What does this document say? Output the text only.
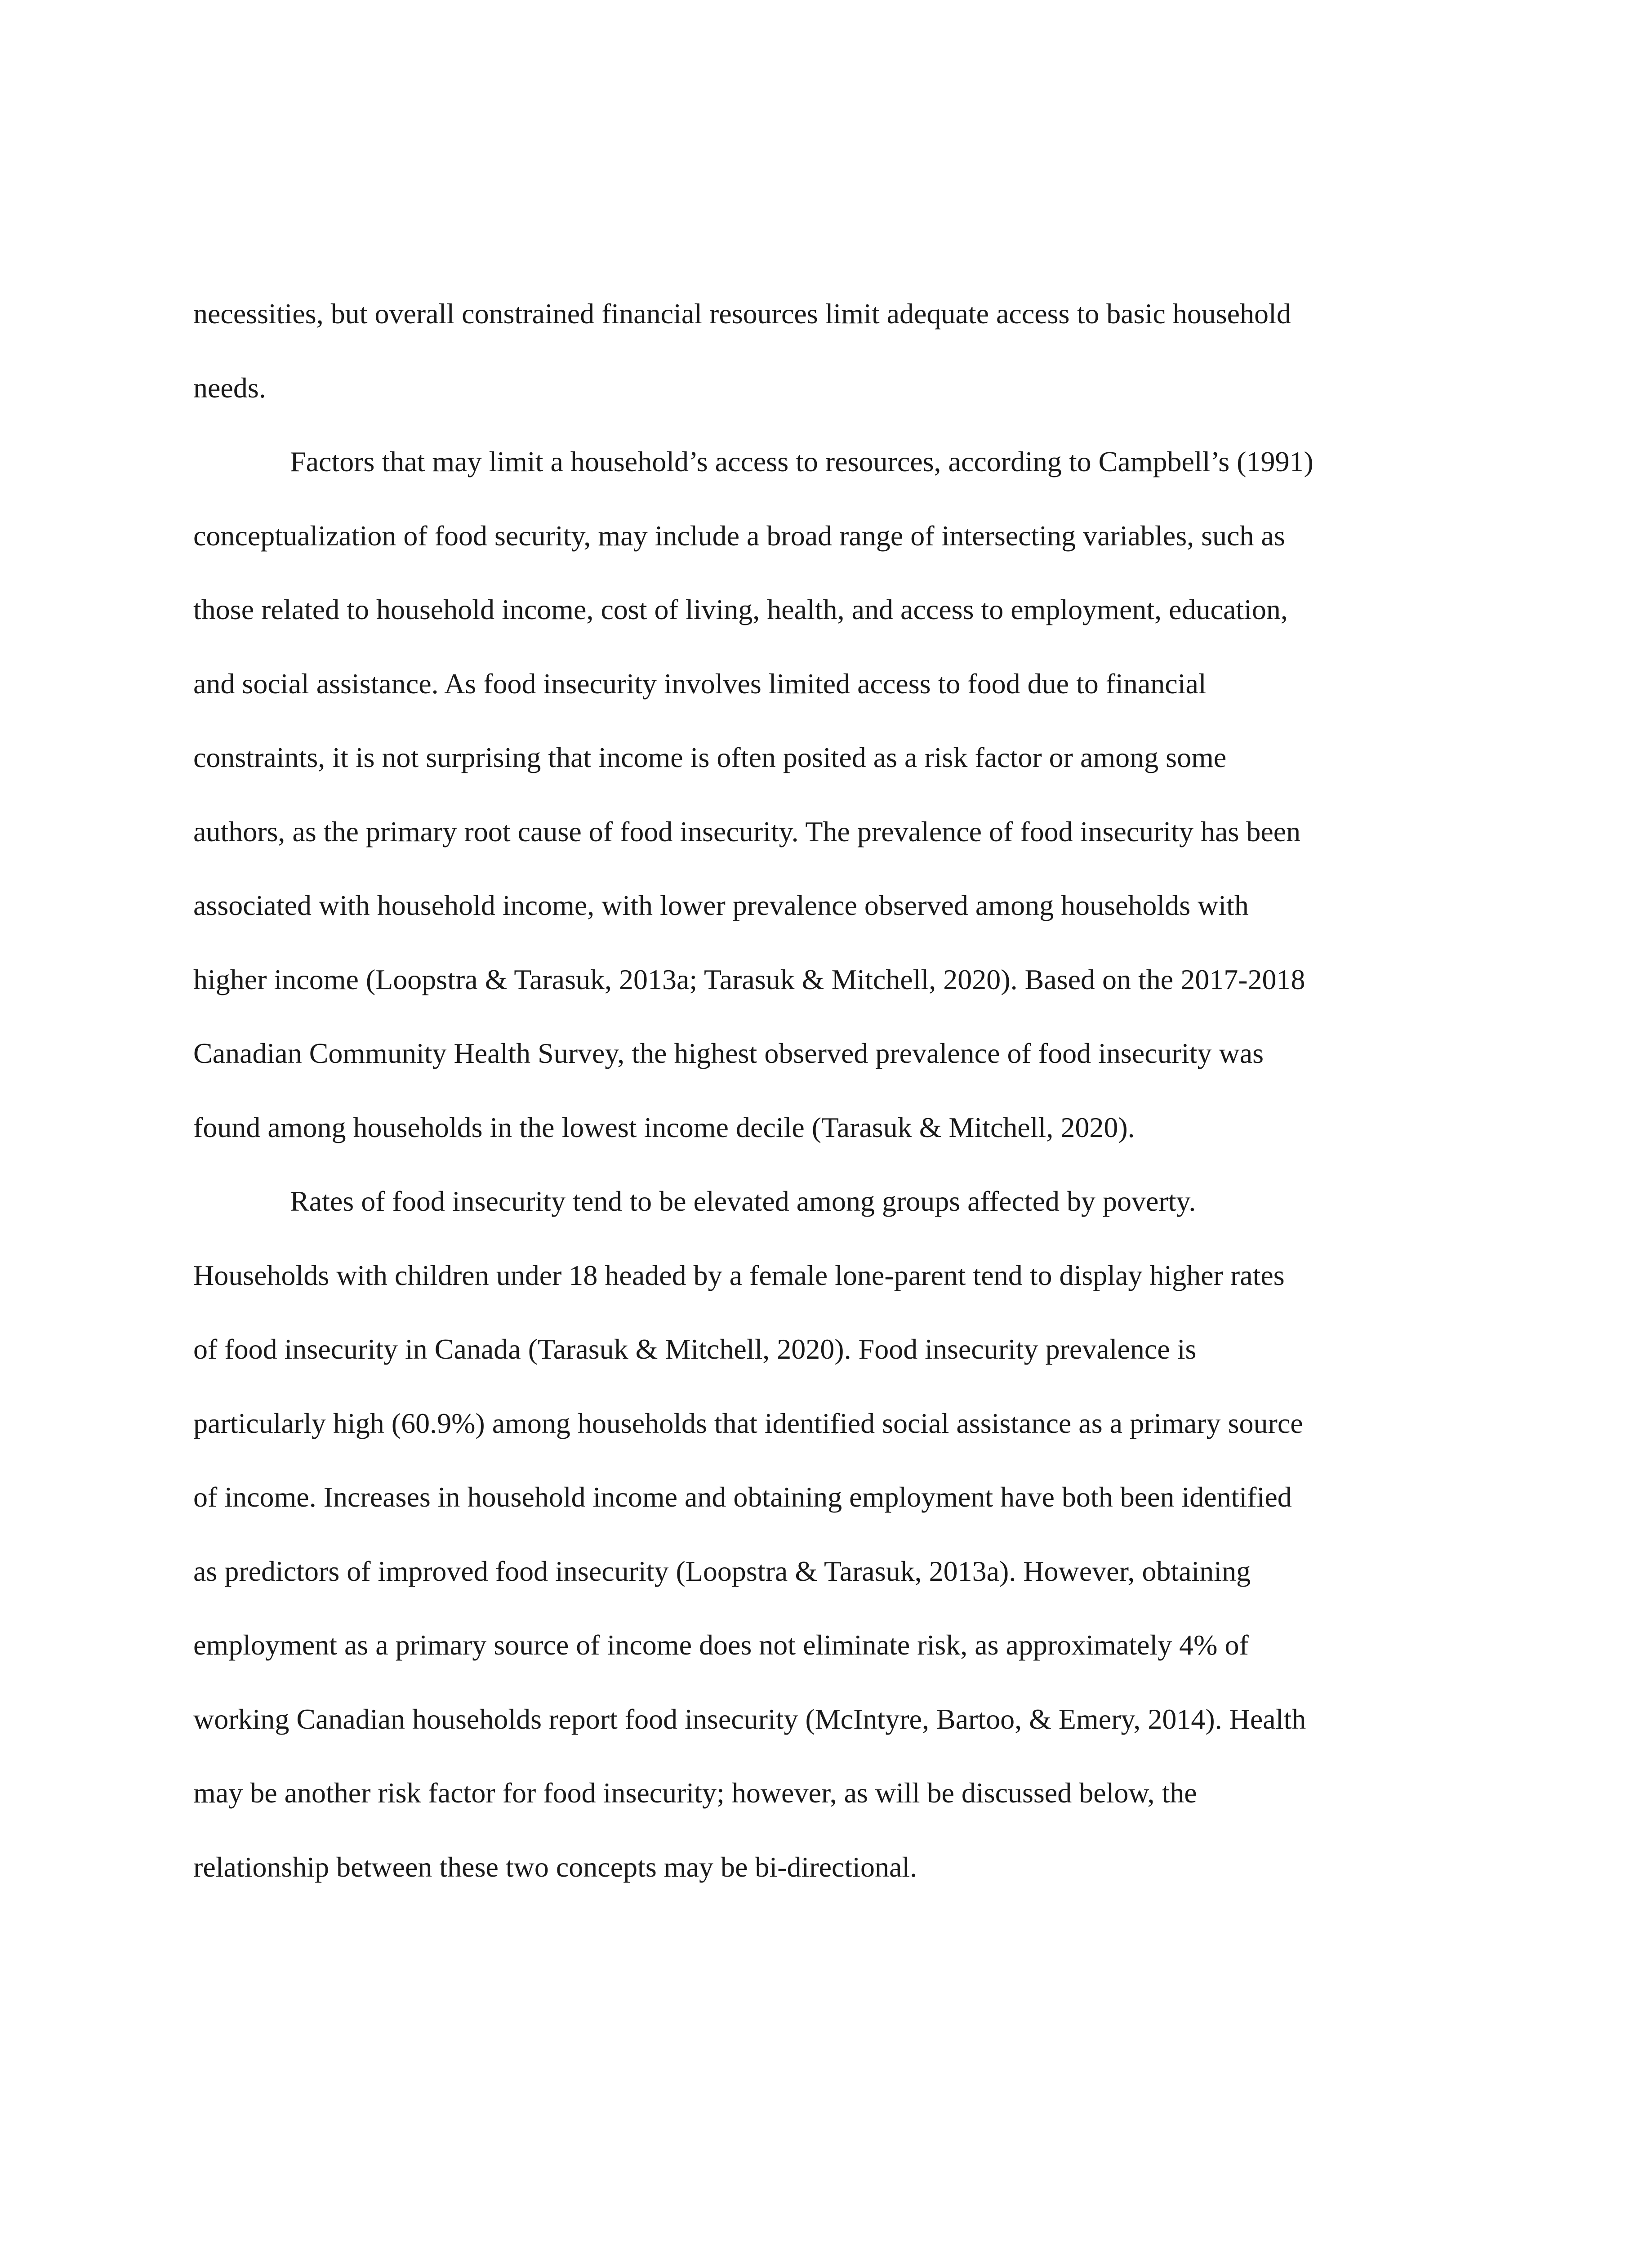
necessities, but overall constrained financial resources limit adequate access to basic household
needs.
Factors that may limit a household’s access to resources, according to Campbell’s (1991)
conceptualization of food security, may include a broad range of intersecting variables, such as
those related to household income, cost of living, health, and access to employment, education,
and social assistance. As food insecurity involves limited access to food due to financial
constraints, it is not surprising that income is often posited as a risk factor or among some
authors, as the primary root cause of food insecurity. The prevalence of food insecurity has been
associated with household income, with lower prevalence observed among households with
higher income (Loopstra & Tarasuk, 2013a; Tarasuk & Mitchell, 2020). Based on the 2017-2018
Canadian Community Health Survey, the highest observed prevalence of food insecurity was
found among households in the lowest income decile (Tarasuk & Mitchell, 2020).
Rates of food insecurity tend to be elevated among groups affected by poverty.
Households with children under 18 headed by a female lone-parent tend to display higher rates
of food insecurity in Canada (Tarasuk & Mitchell, 2020). Food insecurity prevalence is
particularly high (60.9%) among households that identified social assistance as a primary source
of income. Increases in household income and obtaining employment have both been identified
as predictors of improved food insecurity (Loopstra & Tarasuk, 2013a). However, obtaining
employment as a primary source of income does not eliminate risk, as approximately 4% of
working Canadian households report food insecurity (McIntyre, Bartoo, & Emery, 2014). Health
may be another risk factor for food insecurity; however, as will be discussed below, the
relationship between these two concepts may be bi-directional.
